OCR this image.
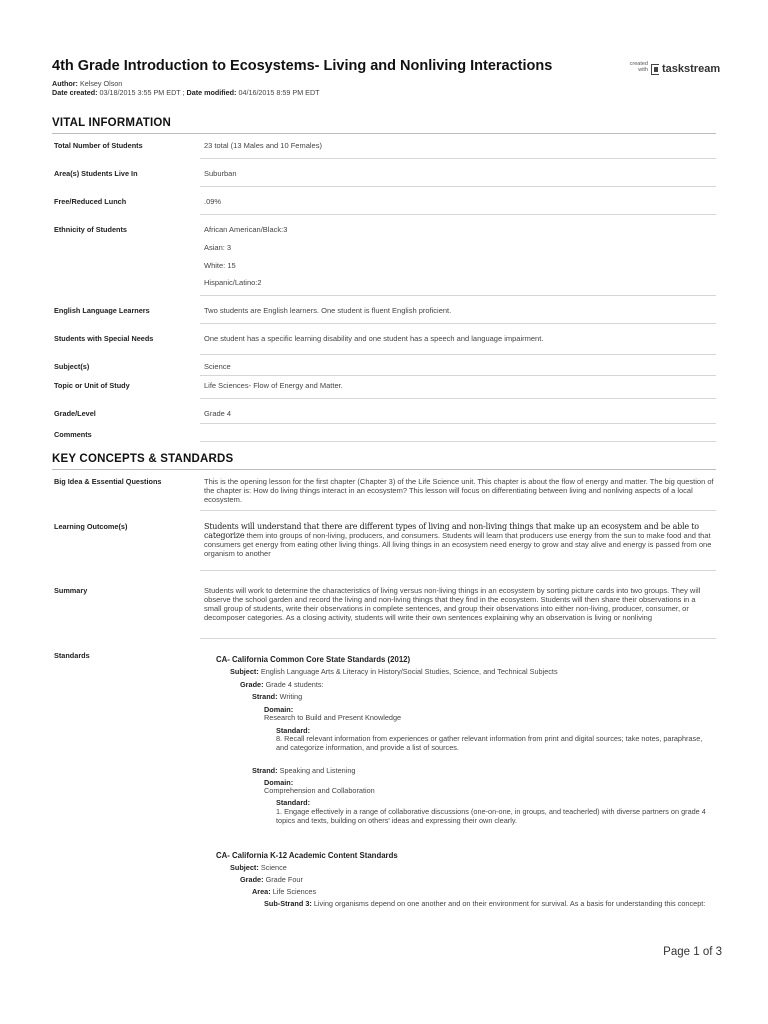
4th Grade Introduction to Ecosystems- Living and Nonliving Interactions
Author: Kelsey Olson
Date created: 03/18/2015 3:55 PM EDT ; Date modified: 04/16/2015 8:59 PM EDT
created with taskstream
VITAL INFORMATION
Total Number of Students	23 total (13 Males and 10 Females)
Area(s) Students Live In	Suburban
Free/Reduced Lunch	.09%
Ethnicity of Students	African American/Black:3
Asian: 3
White: 15
Hispanic/Latino:2
English Language Learners	Two students are English learners. One student is fluent English proficient.
Students with Special Needs	One student has a specific learning disability and one student has a speech and language impairment.
Subject(s)	Science
Topic or Unit of Study	Life Sciences- Flow of Energy and Matter.
Grade/Level	Grade 4
Comments
KEY CONCEPTS & STANDARDS
Big Idea & Essential Questions	This is the opening lesson for the first chapter (Chapter 3) of the Life Science unit. This chapter is about the flow of energy and matter. The big question of the chapter is: How do living things interact in an ecosystem? This lesson will focus on differentiating between living and nonliving aspects of a local ecosystem.
Learning Outcome(s)	Students will understand that there are different types of living and non-living things that make up an ecosystem and be able to categorize them into groups of non-living, producers, and consumers. Students will learn that producers use energy from the sun to make food and that consumers get energy from eating other living things. All living things in an ecosystem need energy to grow and stay alive and energy is passed from one organism to another
Summary	Students will work to determine the characteristics of living versus non-living things in an ecosystem by sorting picture cards into two groups. They will observe the school garden and record the living and non-living things that they find in the ecosystem. Students will then share their observations in a small group of students, write their observations in complete sentences, and group their observations into either non-living, producer, consumer, or decomposer categories. As a closing activity, students will write their own sentences explaining why an observation is living or nonliving
Standards	CA- California Common Core State Standards (2012)
Subject: English Language Arts & Literacy in History/Social Studies, Science, and Technical Subjects
Grade: Grade 4 students:
Strand: Writing
Domain:
Research to Build and Present Knowledge
Standard:
8. Recall relevant information from experiences or gather relevant information from print and digital sources; take notes, paraphrase, and categorize information, and provide a list of sources.
Strand: Speaking and Listening
Domain:
Comprehension and Collaboration
Standard:
1. Engage effectively in a range of collaborative discussions (one-on-one, in groups, and teacherled) with diverse partners on grade 4 topics and texts, building on others' ideas and expressing their own clearly.
CA- California K-12 Academic Content Standards
Subject: Science
Grade: Grade Four
Area: Life Sciences
Sub-Strand 3: Living organisms depend on one another and on their environment for survival. As a basis for understanding this concept:
Page 1 of 3
